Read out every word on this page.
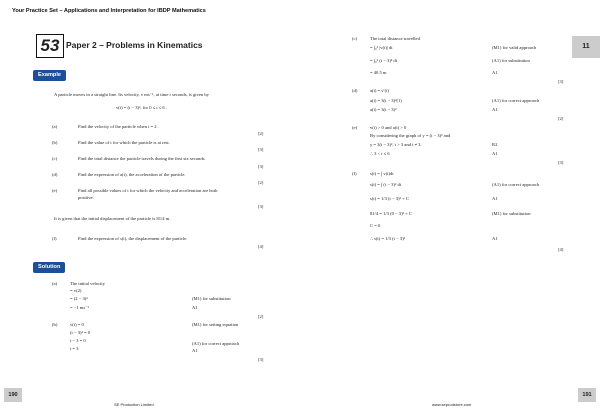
Your Practice Set – Applications and Interpretation for IBDP Mathematics
53 Paper 2 – Problems in Kinematics
Example
A particle moves in a straight line. Its velocity, v ms⁻¹, at time t seconds, is given by
v(t) = (t − 3)², for 0 ≤ t ≤ 6 .
(a)	Find the velocity of the particle when t = 2 .
[2]
(b)	Find the value of t for which the particle is at rest.
[3]
(c)	Find the total distance the particle travels during the first six seconds.
[3]
(d)	Find the expression of a(t), the acceleration of the particle.
[2]
(e)	Find all possible values of t for which the velocity and acceleration are both
positive.
[3]
It is given that the initial displacement of the particle is 81/4 m.
(f)	Find the expression of s(t), the displacement of the particle.
[4]
Solution
(a)	The initial velocity
= v(2)
= (2 − 3)²	(M1) for substitution
= −1 ms⁻¹	A1
[2]
(b)	v(t) = 0	(M1) for setting equation
(t − 3)² = 0
t − 3 = 0
(A1) for correct approach
t = 3	A1
[3]
190
SE Production Limited
(c)	The total distance travelled
= ∫₀⁶ |v(t)| dt	(M1) for valid approach
= ∫₀⁶ (t − 3)² dt	(A1) for substitution
= 40.5 m	A1
[3]
(d)	a(t) = v′(t)
a(t) = 3(t − 3)²(1)	(A1) for correct approach
a(t) = 3(t − 3)²	A1
[2]
(e)	v(t) > 0 and a(t) > 0
By considering the graph of y = (t − 3)² and
y = 3(t − 3)², t > 3 and t ≠ 3.	R2
∴ 3 < t ≤ 6	A1
[3]
(f)	s(t) = ∫ v(t)dt
s(t) = ∫ (t − 3)² dt	(A1) for correct approach
s(t) = 1/3 (t − 3)³ + C	A1
81/4 = 1/3 (0 − 3)³ + C	(M1) for substitution
C = 0
∴ s(t) = 1/3 (t − 3)³	A1
[4]
191
www.seprodstore.com
11
